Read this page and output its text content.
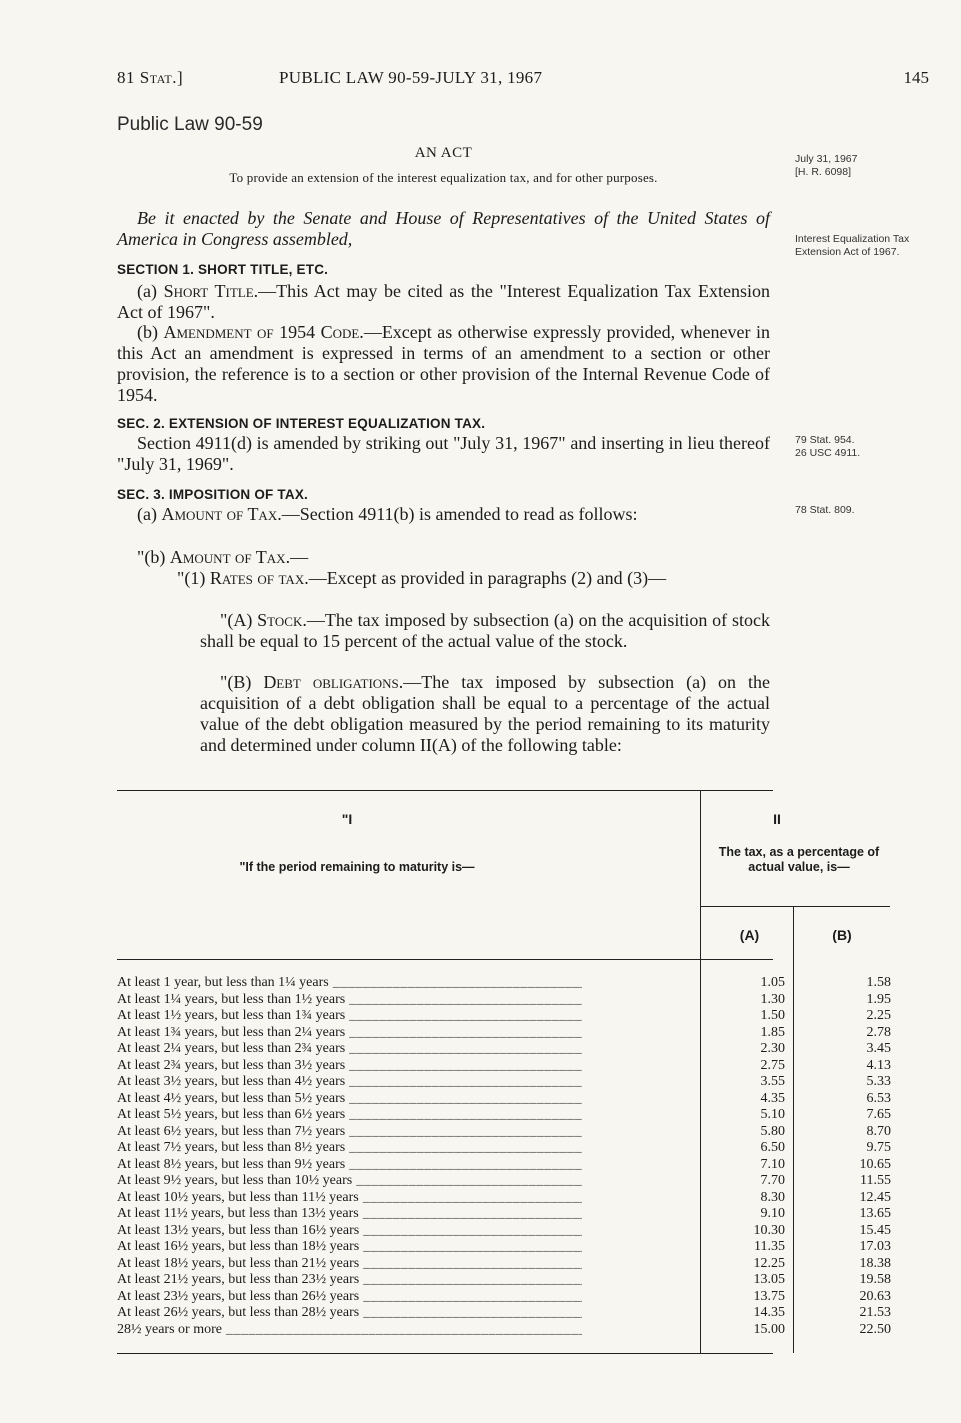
81 Stat.]	PUBLIC LAW 90-59-JULY 31, 1967	145
Public Law 90-59
AN ACT
To provide an extension of the interest equalization tax, and for other purposes.
Be it enacted by the Senate and House of Representatives of the United States of America in Congress assembled,
SECTION 1. SHORT TITLE, ETC.
(a) Short Title.—This Act may be cited as the "Interest Equalization Tax Extension Act of 1967".
(b) Amendment of 1954 Code.—Except as otherwise expressly provided, whenever in this Act an amendment is expressed in terms of an amendment to a section or other provision, the reference is to a section or other provision of the Internal Revenue Code of 1954.
SEC. 2. EXTENSION OF INTEREST EQUALIZATION TAX.
Section 4911(d) is amended by striking out "July 31, 1967" and inserting in lieu thereof "July 31, 1969".
SEC. 3. IMPOSITION OF TAX.
(a) Amount of Tax.—Section 4911(b) is amended to read as follows:
"(b) Amount of Tax.—
"(1) Rates of tax.—Except as provided in paragraphs (2) and (3)—
"(A) Stock.—The tax imposed by subsection (a) on the acquisition of stock shall be equal to 15 percent of the actual value of the stock.
"(B) Debt obligations.—The tax imposed by subsection (a) on the acquisition of a debt obligation shall be equal to a percentage of the actual value of the debt obligation measured by the period remaining to its maturity and determined under column II(A) of the following table:
July 31, 1967
[H. R. 6098]
Interest Equalization Tax Extension Act of 1967.
79 Stat. 954.
26 USC 4911.
78 Stat. 809.
"I	II
"If the period remaining to maturity is—
The tax, as a percentage of actual value, is—
(A)	(B)
At least 1 year, but less than 1¼ years _____	1.05	1.58
At least 1¼ years, but less than 1½ years _____	1.30	1.95
At least 1½ years, but less than 1¾ years _____	1.50	2.25
At least 1¾ years, but less than 2¼ years _____	1.85	2.78
At least 2¼ years, but less than 2¾ years _____	2.30	3.45
At least 2¾ years, but less than 3½ years _____	2.75	4.13
At least 3½ years, but less than 4½ years _____	3.55	5.33
At least 4½ years, but less than 5½ years _____	4.35	6.53
At least 5½ years, but less than 6½ years _____	5.10	7.65
At least 6½ years, but less than 7½ years _____	5.80	8.70
At least 7½ years, but less than 8½ years _____	6.50	9.75
At least 8½ years, but less than 9½ years _____	7.10	10.65
At least 9½ years, but less than 10½ years _____	7.70	11.55
At least 10½ years, but less than 11½ years _____	8.30	12.45
At least 11½ years, but less than 13½ years _____	9.10	13.65
At least 13½ years, but less than 16½ years _____	10.30	15.45
At least 16½ years, but less than 18½ years _____	11.35	17.03
At least 18½ years, but less than 21½ years _____	12.25	18.38
At least 21½ years, but less than 23½ years _____	13.05	19.58
At least 23½ years, but less than 26½ years _____	13.75	20.63
At least 26½ years, but less than 28½ years _____	14.35	21.53
28½ years or more _____	15.00	22.50
